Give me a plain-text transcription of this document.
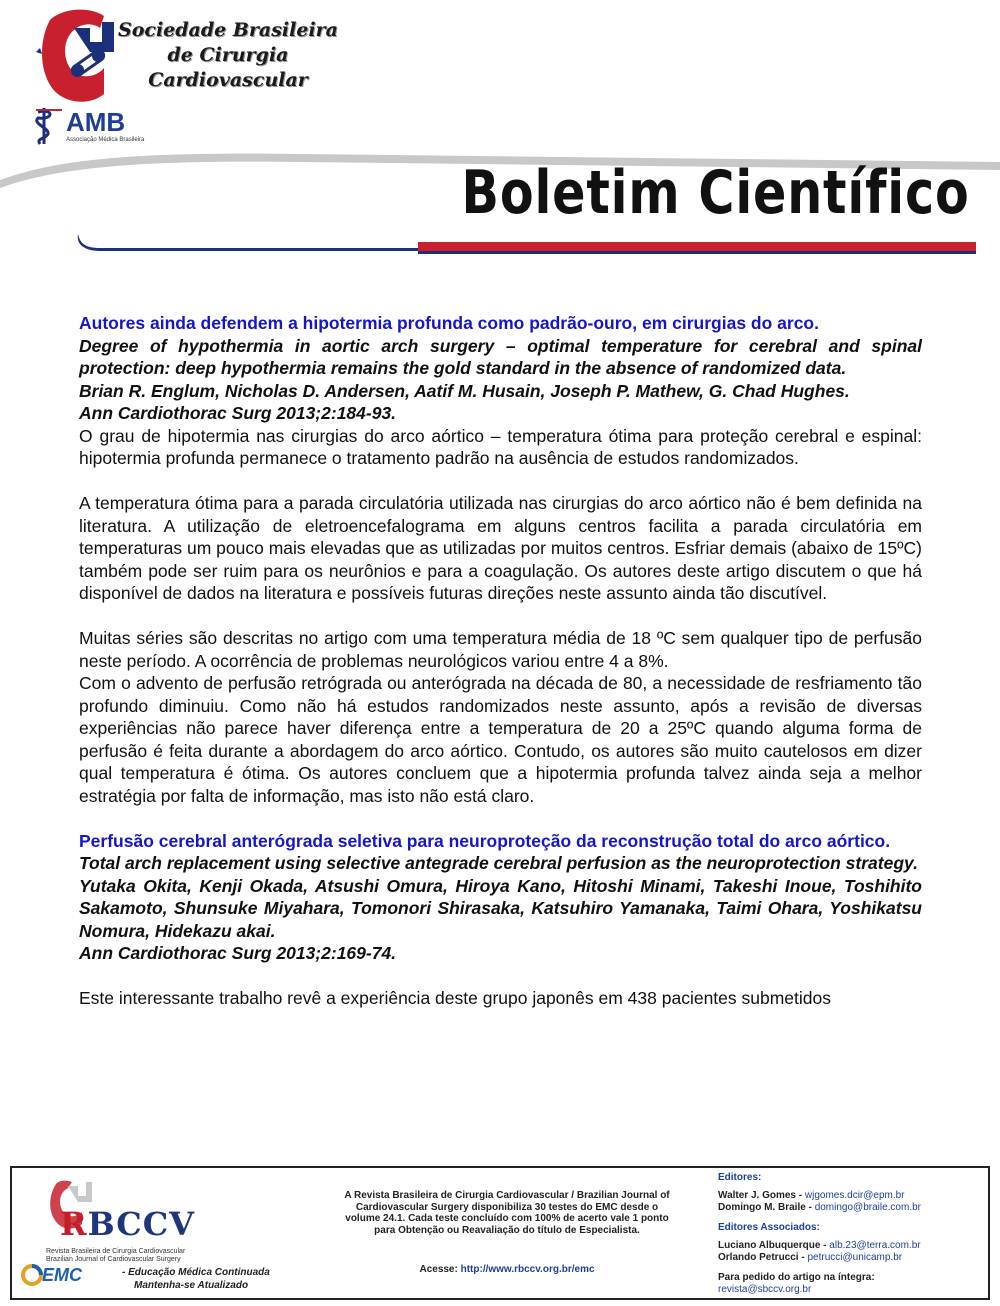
Sociedade Brasileira
de Cirurgia
Cardiovascular
AMB
Associação Médica Brasileira
Boletim Científico

Autores ainda defendem a hipotermia profunda como padrão-ouro, em cirurgias do arco.

Degree of hypothermia in aortic arch surgery – optimal temperature for cerebral and spinal protection: deep hypothermia remains the gold standard in the absence of randomized data.

Brian R. Englum, Nicholas D. Andersen, Aatif M. Husain, Joseph P. Mathew, G. Chad Hughes.

Ann Cardiothorac Surg 2013;2:184-93.

O grau de hipotermia nas cirurgias do arco aórtico – temperatura ótima para proteção cerebral e espinal: hipotermia profunda permanece o tratamento padrão na ausência de estudos randomizados.

A temperatura ótima para a parada circulatória utilizada nas cirurgias do arco aórtico não é bem definida na literatura. A utilização de eletroencefalograma em alguns centros facilita a parada circulatória em temperaturas um pouco mais elevadas que as utilizadas por muitos centros. Esfriar demais (abaixo de 15ºC) também pode ser ruim para os neurônios e para a coagulação. Os autores deste artigo discutem o que há disponível de dados na literatura e possíveis futuras direções neste assunto ainda tão discutível.

Muitas séries são descritas no artigo com uma temperatura média de 18 ºC sem qualquer tipo de perfusão neste período. A ocorrência de problemas neurológicos variou entre 4 a 8%.

Com o advento de perfusão retrógrada ou anterógrada na década de 80, a necessidade de resfriamento tão profundo diminuiu. Como não há estudos randomizados neste assunto, após a revisão de diversas experiências não parece haver diferença entre a temperatura de 20 a 25ºC quando alguma forma de perfusão é feita durante a abordagem do arco aórtico. Contudo, os autores são muito cautelosos em dizer qual temperatura é ótima. Os autores concluem que a hipotermia profunda talvez ainda seja a melhor estratégia por falta de informação, mas isto não está claro.

Perfusão cerebral anterógrada seletiva para neuroproteção da reconstrução total do arco aórtico.

Total arch replacement using selective antegrade cerebral perfusion as the neuroprotection strategy.

Yutaka Okita, Kenji Okada, Atsushi Omura, Hiroya Kano, Hitoshi Minami, Takeshi Inoue, Toshihito Sakamoto, Shunsuke Miyahara, Tomonori Shirasaka, Katsuhiro Yamanaka, Taimi Ohara, Yoshikatsu Nomura, Hidekazu akai.

Ann Cardiothorac Surg 2013;2:169-74.

Este interessante trabalho revê a experiência deste grupo japonês em 438 pacientes submetidos

RBCCV
Revista Brasileira de Cirurgia Cardiovascular
Brazilian Journal of Cardiovascular Surgery
EMC	- Educação Médica Continuada
Mantenha-se Atualizado
A Revista Brasileira de Cirurgia Cardiovascular / Brazilian Journal of Cardiovascular Surgery disponibiliza 30 testes do EMC desde o volume 24.1. Cada teste concluído com 100% de acerto vale 1 ponto para Obtenção ou Reavaliação do título de Especialista.
Acesse: http://www.rbccv.org.br/emc
Editores:
Walter J. Gomes - wjgomes.dcir@epm.br
Domingo M. Braile - domingo@braile.com.br
Editores Associados:
Luciano Albuquerque - alb.23@terra.com.br
Orlando Petrucci - petrucci@unicamp.br
Para pedido do artigo na íntegra:
revista@sbccv.org.br
